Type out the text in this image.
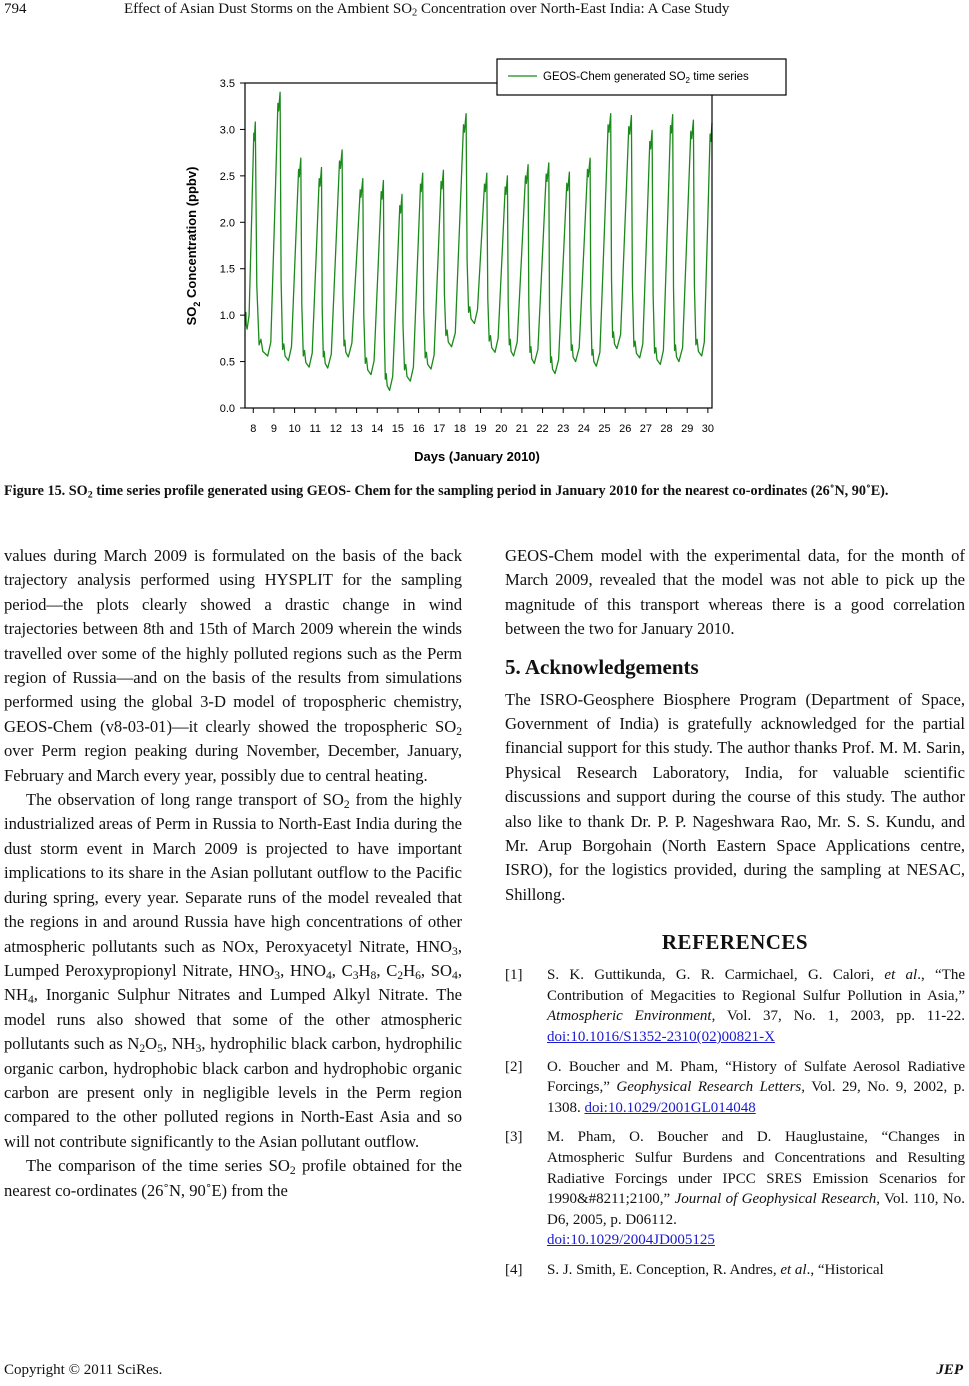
794	Effect of Asian Dust Storms on the Ambient $SO_2$ Concentration over North-East India: A Case Study
0.0
0.5
1.0
1.5
2.0
2.5
3.0
3.5
8 9 10 11 12 13 14 15 16 17 18 19 20 21 22 23 24 25 26 27 28 29 30
$SO_2$ Concentration (ppbv)
Days (January 2010)
GEOS-Chem generated $SO_2$ time series
Figure 15. $SO_2$ time series profile generated using GEOS- Chem for the sampling period in January 2010 for the nearest co-ordinates (26˚N, 90˚E).

values during March 2009 is formulated on the basis of the back trajectory analysis performed using HYSPLIT for the sampling period—the plots clearly showed a drastic change in wind trajectories between 8th and 15th of March 2009 wherein the winds travelled over some of the highly polluted regions such as the Perm region of Russia—and on the basis of the results from simulations performed using the global 3-D model of tropospheric chemistry, GEOS-Chem (v8-03-01)—it clearly showed the tropospheric $SO_2$ over Perm region peaking during November, December, January, February and March every year, possibly due to central heating.

The observation of long range transport of $SO_2$ from the highly industrialized areas of Perm in Russia to North-East India during the dust storm event in March 2009 is projected to have important implications to its share in the Asian pollutant outflow to the Pacific during spring, every year. Separate runs of the model revealed that the regions in and around Russia have high concentrations of other atmospheric pollutants such as NOx, Peroxyacetyl Nitrate, $HNO_3$, Lumped Peroxypropionyl Nitrate, $HNO_3$, $HNO_4$, $C_3H_8$, $C_2H_6$, $SO_4$, $NH_4$, Inorganic Sulphur Nitrates and Lumped Alkyl Nitrate. The model runs also showed that some of the other atmospheric pollutants such as $N_2O_5$, $NH_3$, hydrophilic black carbon, hydrophilic organic carbon, hydrophobic black carbon and hydrophobic organic carbon are present only in negligible levels in the Perm region compared to the other polluted regions in North-East Asia and so will not contribute significantly to the Asian pollutant outflow.

The comparison of the time series $SO_2$ profile obtained for the nearest co-ordinates (26˚N, 90˚E) from the

GEOS-Chem model with the experimental data, for the month of March 2009, revealed that the model was not able to pick up the magnitude of this transport whereas there is a good correlation between the two for January 2010.

5. Acknowledgements

The ISRO-Geosphere Biosphere Program (Department of Space, Government of India) is gratefully acknowledged for the partial financial support for this study. The author thanks Prof. M. M. Sarin, Physical Research Laboratory, India, for valuable scientific discussions and support during the course of this study. The author also like to thank Dr. P. P. Nageshwara Rao, Mr. S. S. Kundu, and Mr. Arup Borgohain (North Eastern Space Applications centre, ISRO), for the logistics provided, during the sampling at NESAC, Shillong.

REFERENCES
[1] S. K. Guttikunda, G. R. Carmichael, G. Calori, et al., “The Contribution of Megacities to Regional Sulfur Pollution in Asia,” Atmospheric Environment, Vol. 37, No. 1, 2003, pp. 11-22. doi:10.1016/S1352-2310(02)00821-X
[2] O. Boucher and M. Pham, “History of Sulfate Aerosol Radiative Forcings,” Geophysical Research Letters, Vol. 29, No. 9, 2002, p. 1308. doi:10.1029/2001GL014048
[3] M. Pham, O. Boucher and D. Hauglustaine, “Changes in Atmospheric Sulfur Burdens and Concentrations and Resulting Radiative Forcings under IPCC SRES Emission Scenarios for 1990&#8211;2100,” Journal of Geophysical Research, Vol. 110, No. D6, 2005, p. D06112.
doi:10.1029/2004JD005125
[4] S. J. Smith, E. Conception, R. Andres, et al., “Historical
Copyright © 2011 SciRes.	JEP
